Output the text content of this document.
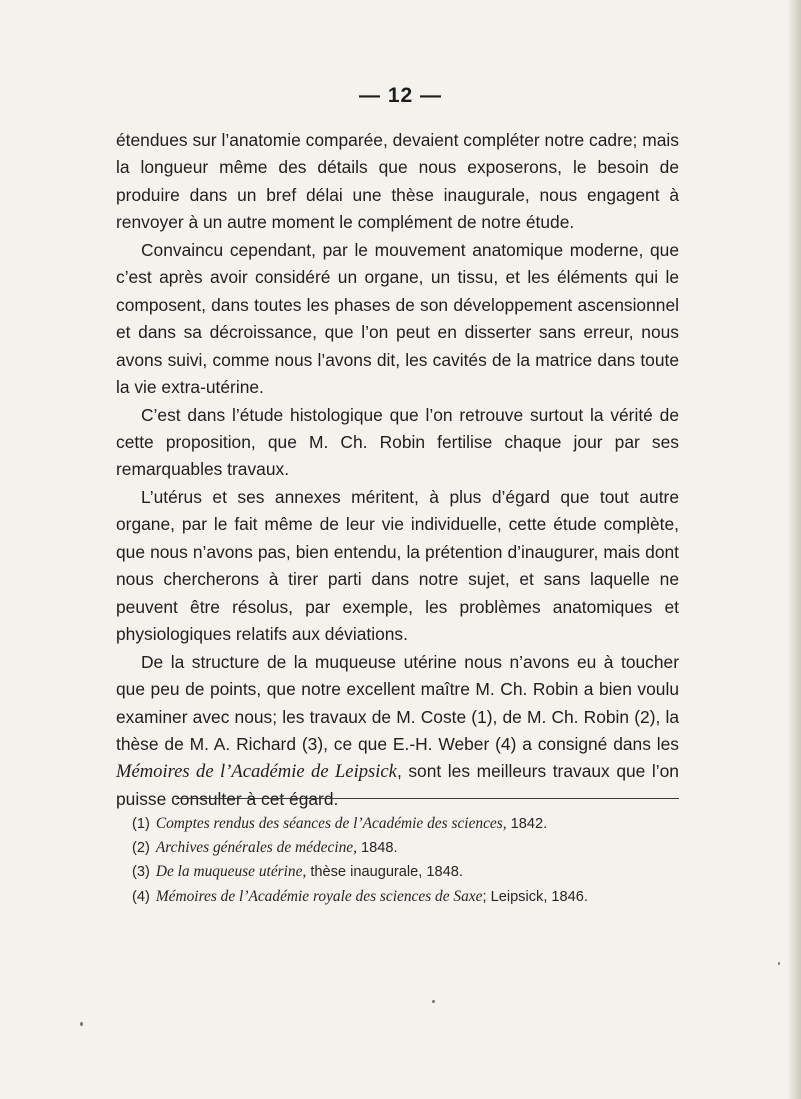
— 12 —

étendues sur l’anatomie comparée, devaient compléter notre cadre; mais la longueur même des détails que nous exposerons, le besoin de produire dans un bref délai une thèse inaugurale, nous engagent à renvoyer à un autre moment le complément de notre étude.

Convaincu cependant, par le mouvement anatomique moderne, que c’est après avoir considéré un organe, un tissu, et les éléments qui le composent, dans toutes les phases de son développement ascensionnel et dans sa décroissance, que l’on peut en disserter sans erreur, nous avons suivi, comme nous l’avons dit, les cavités de la matrice dans toute la vie extra-utérine.

C’est dans l’étude histologique que l’on retrouve surtout la vérité de cette proposition, que M. Ch. Robin fertilise chaque jour par ses remarquables travaux.

L’utérus et ses annexes méritent, à plus d’égard que tout autre organe, par le fait même de leur vie individuelle, cette étude complète, que nous n’avons pas, bien entendu, la prétention d’inaugurer, mais dont nous chercherons à tirer parti dans notre sujet, et sans laquelle ne peuvent être résolus, par exemple, les problèmes anatomiques et physiologiques relatifs aux déviations.

De la structure de la muqueuse utérine nous n’avons eu à toucher que peu de points, que notre excellent maître M. Ch. Robin a bien voulu examiner avec nous; les travaux de M. Coste (1), de M. Ch. Robin (2), la thèse de M. A. Richard (3), ce que E.-H. Weber (4) a consigné dans les Mémoires de l’Académie de Leipsick, sont les meilleurs travaux que l’on puisse consulter à cet égard.

(1) Comptes rendus des séances de l’Académie des sciences, 1842.
(2) Archives générales de médecine, 1848.
(3) De la muqueuse utérine, thèse inaugurale, 1848.
(4) Mémoires de l’Académie royale des sciences de Saxe; Leipsick, 1846.
